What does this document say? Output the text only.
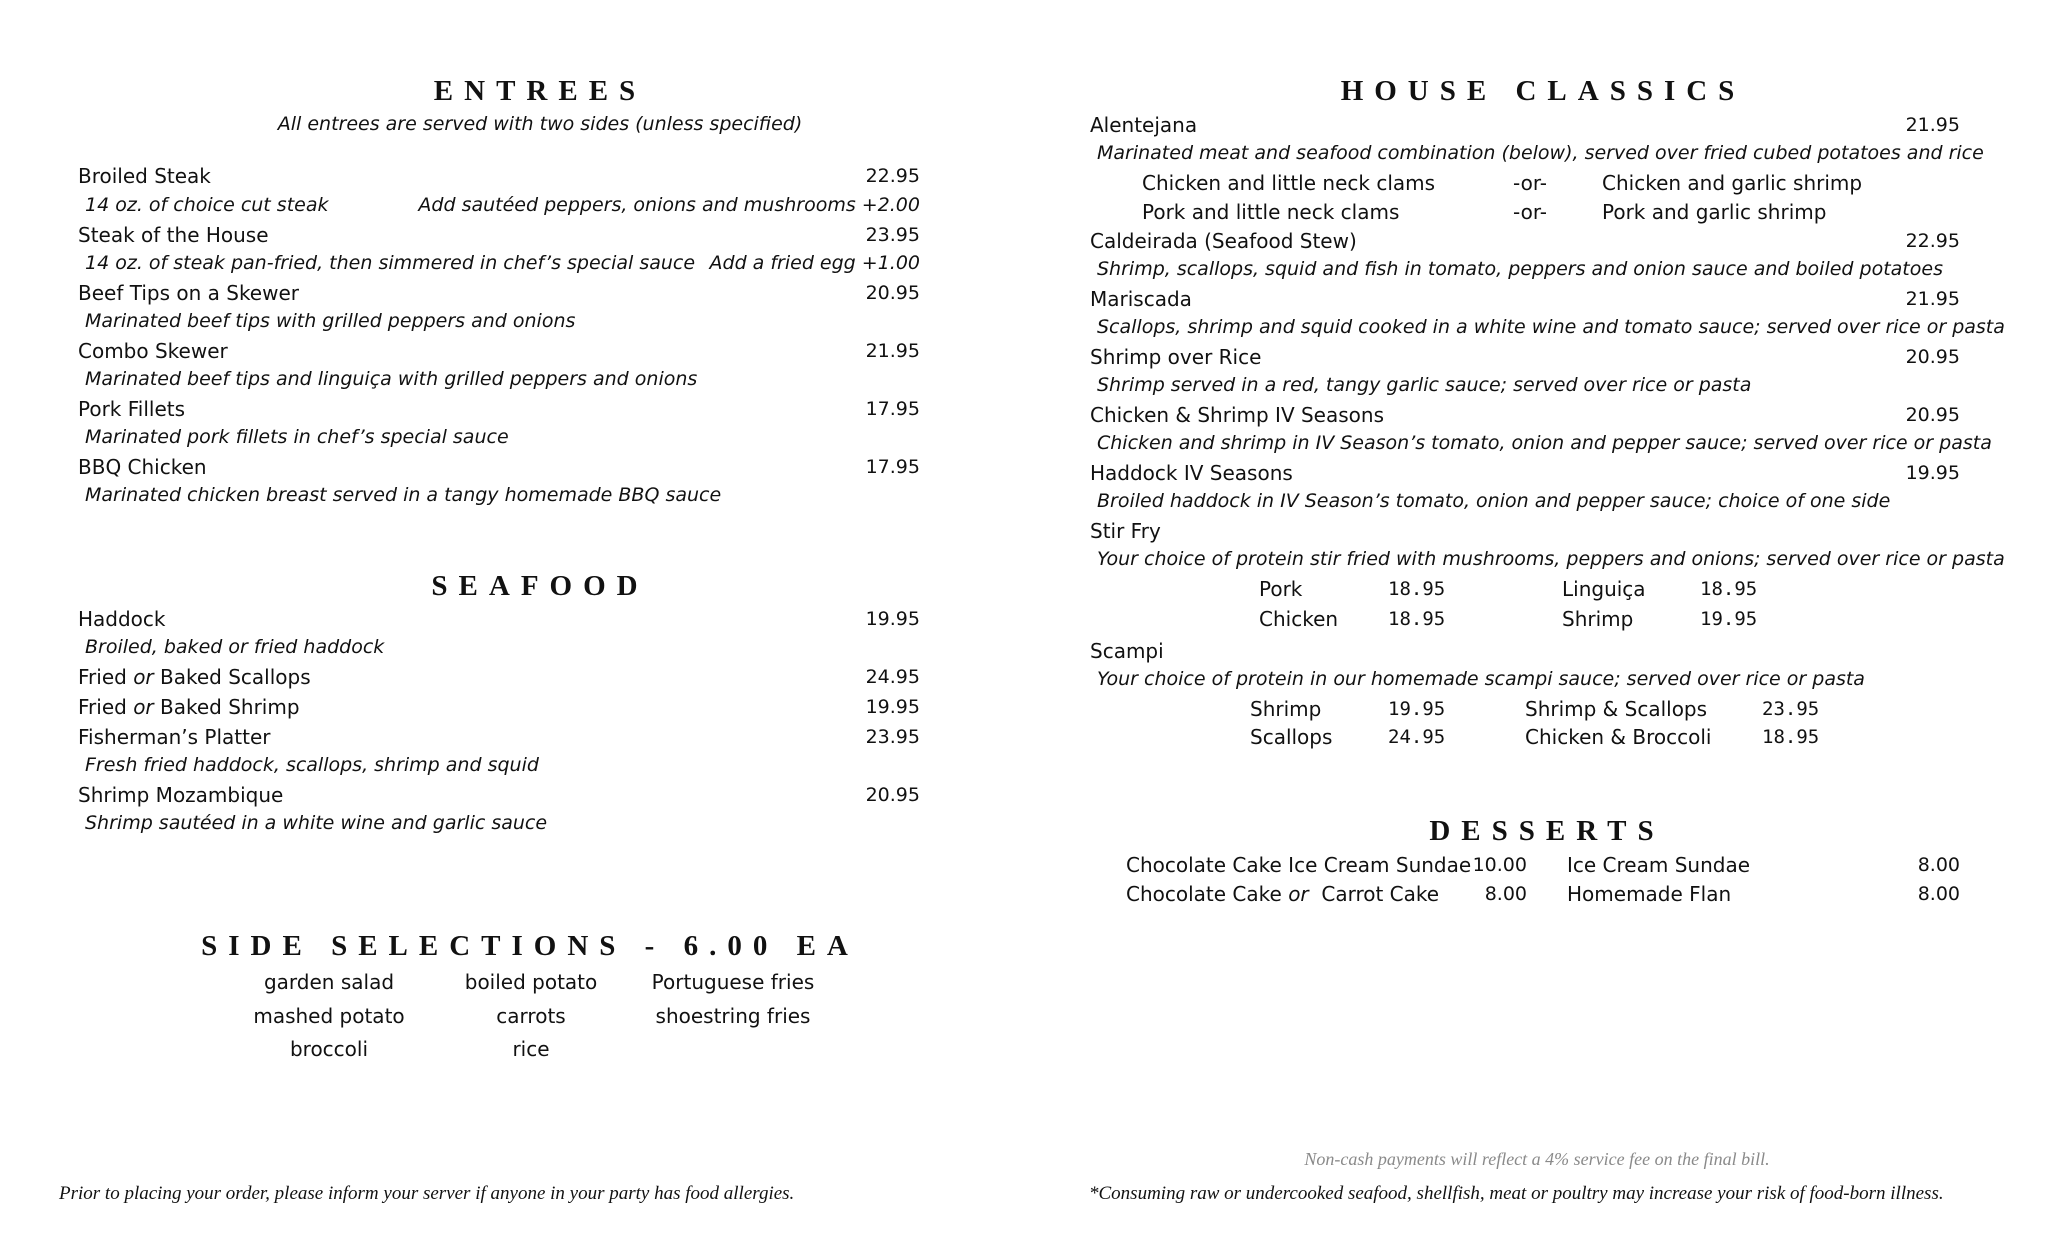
ENTREES
All entrees are served with two sides (unless specified)
Broiled Steak	22.95
14 oz. of choice cut steak	Add sautéed peppers, onions and mushrooms +2.00
Steak of the House	23.95
14 oz. of steak pan-fried, then simmered in chef’s special sauce Add a fried egg +1.00
Beef Tips on a Skewer	20.95
Marinated beef tips with grilled peppers and onions
Combo Skewer	21.95
Marinated beef tips and linguiça with grilled peppers and onions
Pork Fillets	17.95
Marinated pork fillets in chef’s special sauce
BBQ Chicken	17.95
Marinated chicken breast served in a tangy homemade BBQ sauce
SEAFOOD
Haddock	19.95
Broiled, baked or fried haddock
Fried or Baked Scallops	24.95
Fried or Baked Shrimp	19.95
Fisherman’s Platter	23.95
Fresh fried haddock, scallops, shrimp and squid
Shrimp Mozambique	20.95
Shrimp sautéed in a white wine and garlic sauce
SIDE SELECTIONS - 6.00 EA
garden salad	boiled potato	Portuguese fries
mashed potato	carrots	shoestring fries
broccoli	rice
Prior to placing your order, please inform your server if anyone in your party has food allergies.
HOUSE CLASSICS
Alentejana	21.95
Marinated meat and seafood combination (below), served over fried cubed potatoes and rice
Chicken and little neck clams	-or-	Chicken and garlic shrimp
Pork and little neck clams	-or-	Pork and garlic shrimp
Caldeirada (Seafood Stew)	22.95
Shrimp, scallops, squid and fish in tomato, peppers and onion sauce and boiled potatoes
Mariscada	21.95
Scallops, shrimp and squid cooked in a white wine and tomato sauce; served over rice or pasta
Shrimp over Rice	20.95
Shrimp served in a red, tangy garlic sauce; served over rice or pasta
Chicken & Shrimp IV Seasons	20.95
Chicken and shrimp in IV Season’s tomato, onion and pepper sauce; served over rice or pasta
Haddock IV Seasons	19.95
Broiled haddock in IV Season’s tomato, onion and pepper sauce; choice of one side
Stir Fry
Your choice of protein stir fried with mushrooms, peppers and onions; served over rice or pasta
Pork	18.95	Linguiça	18.95
Chicken	18.95	Shrimp	19.95
Scampi
Your choice of protein in our homemade scampi sauce; served over rice or pasta
Shrimp	19.95	Shrimp & Scallops	23.95
Scallops	24.95	Chicken & Broccoli	18.95
DESSERTS
Chocolate Cake Ice Cream Sundae 10.00 Ice Cream Sundae	8.00
Chocolate Cake or  Carrot Cake 8.00 Homemade Flan	8.00
Non-cash payments will reflect a 4% service fee on the final bill.
*Consuming raw or undercooked seafood, shellfish, meat or poultry may increase your risk of food-born illness.
